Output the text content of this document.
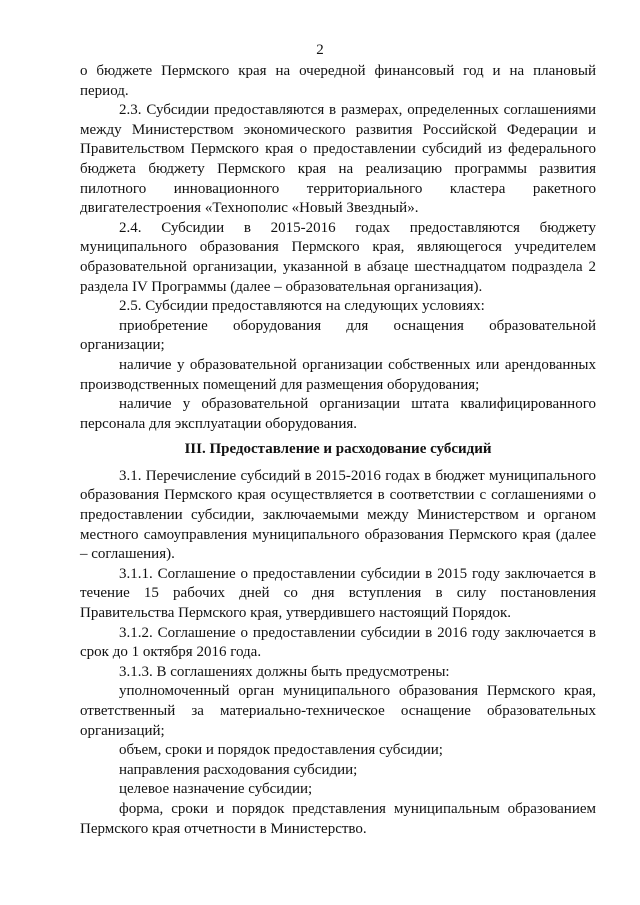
2

о бюджете Пермского края на очередной финансовый год и на плановый период.

2.3. Субсидии предоставляются в размерах, определенных соглашениями между Министерством экономического развития Российской Федерации и Правительством Пермского края о предоставлении субсидий из федерального бюджета бюджету Пермского края на реализацию программы развития пилотного инновационного территориального кластера ракетного двигателестроения «Технополис «Новый Звездный».

2.4. Субсидии в 2015-2016 годах предоставляются бюджету муниципального образования Пермского края, являющегося учредителем образовательной организации, указанной в абзаце шестнадцатом подраздела 2 раздела IV Программы (далее – образовательная организация).

2.5. Субсидии предоставляются на следующих условиях:

приобретение оборудования для оснащения образовательной организации;

наличие у образовательной организации собственных или арендованных производственных помещений для размещения оборудования;

наличие у образовательной организации штата квалифицированного персонала для эксплуатации оборудования.

III. Предоставление и расходование субсидий

3.1. Перечисление субсидий в 2015-2016 годах в бюджет муниципального образования Пермского края осуществляется в соответствии с соглашениями о предоставлении субсидии, заключаемыми между Министерством и органом местного самоуправления муниципального образования Пермского края (далее – соглашения).

3.1.1. Соглашение о предоставлении субсидии в 2015 году заключается в течение 15 рабочих дней со дня вступления в силу постановления Правительства Пермского края, утвердившего настоящий Порядок.

3.1.2. Соглашение о предоставлении субсидии в 2016 году заключается в срок до 1 октября 2016 года.

3.1.3. В соглашениях должны быть предусмотрены:

уполномоченный орган муниципального образования Пермского края, ответственный за материально-техническое оснащение образовательных организаций;

объем, сроки и порядок предоставления субсидии;

направления расходования субсидии;

целевое назначение субсидии;

форма, сроки и порядок представления муниципальным образованием Пермского края отчетности в Министерство.
